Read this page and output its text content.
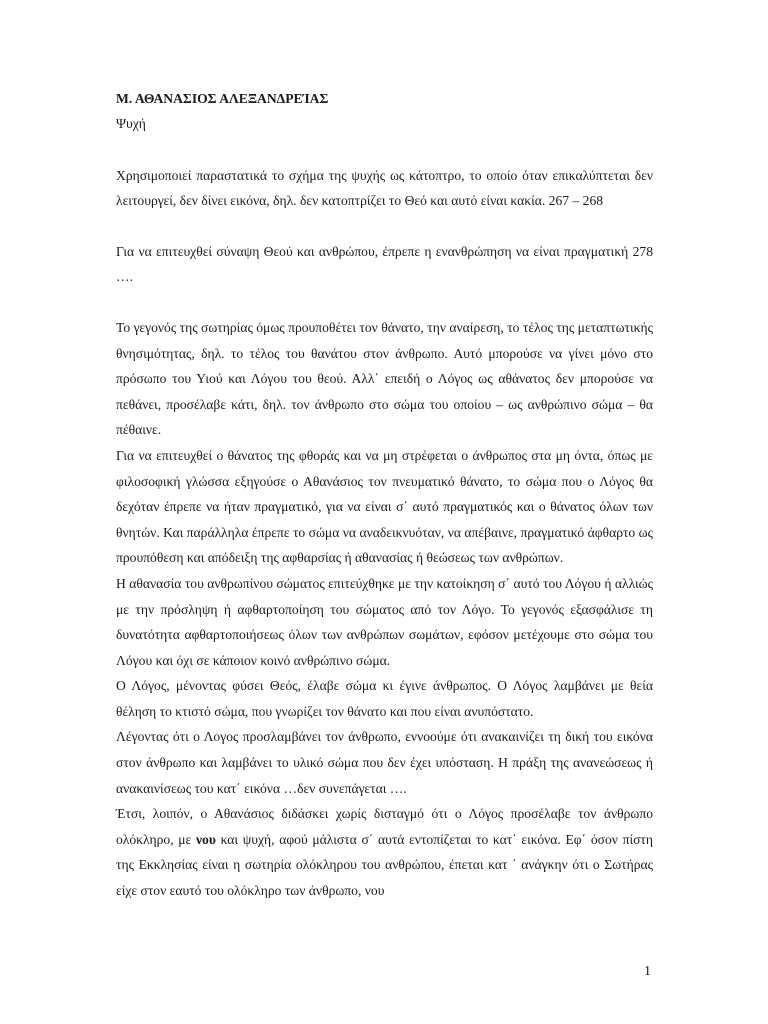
Μ. ΑΘΑΝΑΣΙΟΣ ΑΛΕΞΑΝΔΡΕΊΑΣ

Ψυχή

Χρησιμοποιεί παραστατικά το σχήμα της ψυχής ως κάτοπτρο, το οποίο όταν επικαλύπτεται δεν λειτουργεί, δεν δίνει εικόνα, δηλ. δεν κατοπτρίζει το Θεό και αυτό είναι κακία. 267 – 268

Για να επιτευχθεί σύναψη Θεού και ανθρώπου, έπρεπε η ενανθρώπηση να είναι πραγματική 278 ….

Το γεγονός της σωτηρίας όμως προυποθέτει τον θάνατο, την αναίρεση, το τέλος της μεταπτωτικής θνησιμότητας, δηλ. το τέλος του θανάτου στον άνθρωπο. Αυτό μπορούσε να γίνει μόνο στο πρόσωπο του Υιού και Λόγου του θεού. Αλλ΄ επειδή ο Λόγος ως αθάνατος δεν μπορούσε να πεθάνει, προσέλαβε κάτι, δηλ. τον άνθρωπο στο σώμα του οποίου – ως ανθρώπινο σώμα – θα πέθαινε.

Για να επιτευχθεί ο θάνατος της φθοράς και να μη στρέφεται ο άνθρωπος στα μη όντα, όπως με φιλοσοφική γλώσσα εξηγούσε ο Αθανάσιος τον πνευματικό θάνατο, το σώμα που ο Λόγος θα δεχόταν έπρεπε να ήταν πραγματικό, για να είναι σ΄ αυτό πραγματικός και ο θάνατος όλων των θνητών. Και παράλληλα έπρεπε το σώμα να αναδεικνυόταν, να απέβαινε, πραγματικό άφθαρτο ως προυπόθεση και απόδειξη της αφθαρσίας ή αθανασίας ή θεώσεως των ανθρώπων.

Η αθανασία του ανθρωπίνου σώματος επιτεύχθηκε με την κατοίκηση σ΄ αυτό του Λόγου ή αλλιώς με την πρόσληψη ή αφθαρτοποίηση του σώματος από τον Λόγο. Το γεγονός εξασφάλισε τη δυνατότητα αφθαρτοποιήσεως όλων των ανθρώπων σωμάτων, εφόσον μετέχουμε στο σώμα του Λόγου και όχι σε κάποιον κοινό ανθρώπινο σώμα.

Ο Λόγος, μένοντας φύσει Θεός, έλαβε σώμα κι έγινε άνθρωπος. Ο Λόγος λαμβάνει με θεία θέληση το κτιστό σώμα, που γνωρίζει τον θάνατο και που είναι ανυπόστατο.

Λέγοντας ότι ο Λογος προσλαμβάνει τον άνθρωπο, εννοούμε ότι ανακαινίζει τη δική του εικόνα στον άνθρωπο και λαμβάνει το υλικό σώμα που δεν έχει υπόσταση. Η πράξη της ανανεώσεως ή ανακαινίσεως του κατ΄ εικόνα …δεν συνεπάγεται ….

Έτσι, λοιπόν, ο Αθανάσιος διδάσκει χωρίς δισταγμό ότι ο Λόγος προσέλαβε τον άνθρωπο ολόκληρο, με νου και ψυχή, αφού μάλιστα σ΄ αυτά εντοπίζεται το κατ΄ εικόνα. Εφ΄ όσον πίστη της Εκκλησίας είναι η σωτηρία ολόκληρου του ανθρώπου, έπεται κατ ΄ ανάγκην ότι ο Σωτήρας είχε στον εαυτό του ολόκληρο των άνθρωπο, νου

1
